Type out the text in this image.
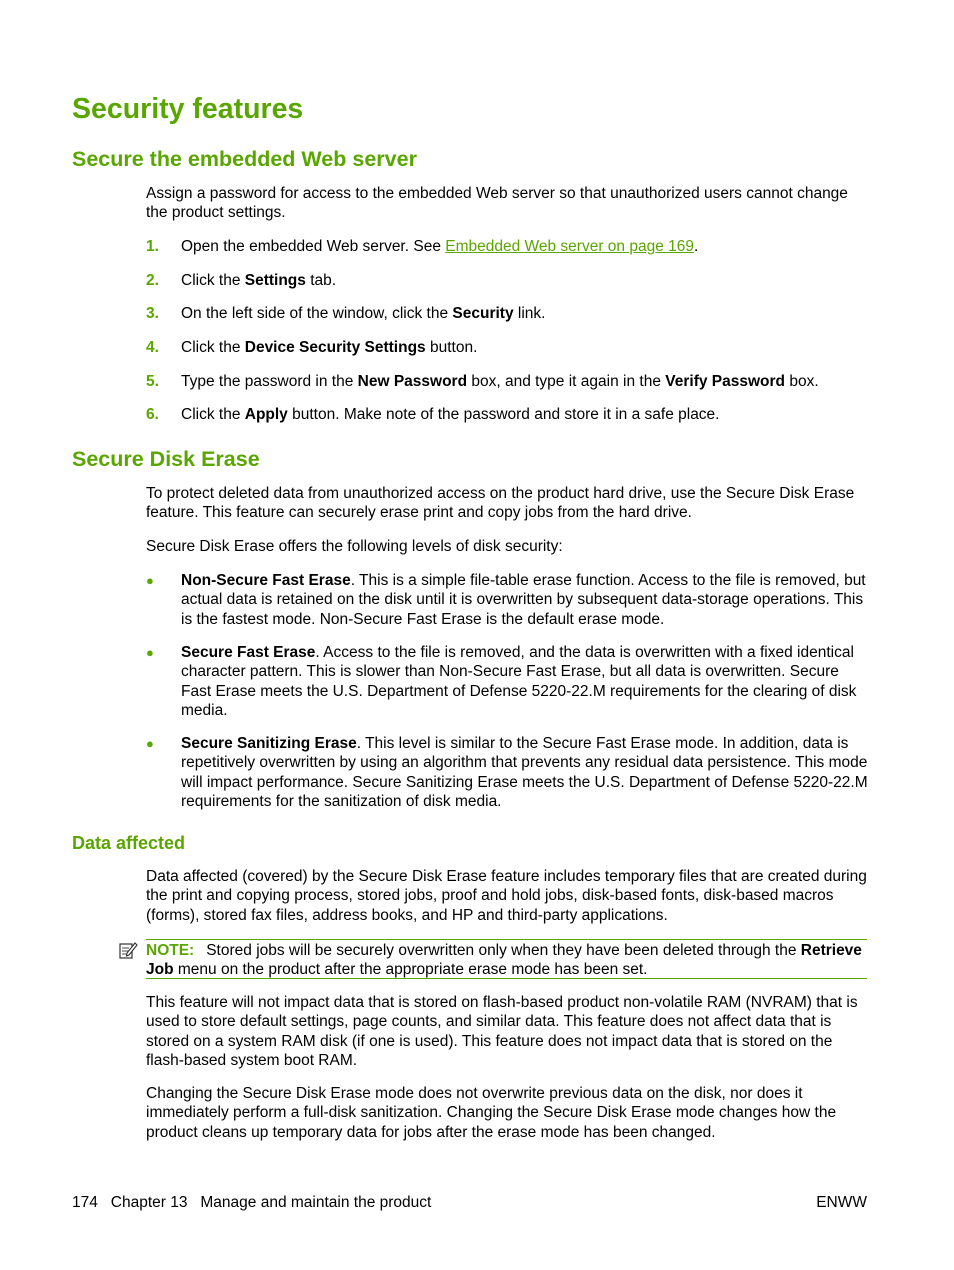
Security features
Secure the embedded Web server

Assign a password for access to the embedded Web server so that unauthorized users cannot change the product settings.

1. Open the embedded Web server. See Embedded Web server on page 169.
2. Click the Settings tab.
3. On the left side of the window, click the Security link.
4. Click the Device Security Settings button.
5. Type the password in the New Password box, and type it again in the Verify Password box.
6. Click the Apply button. Make note of the password and store it in a safe place.
Secure Disk Erase

To protect deleted data from unauthorized access on the product hard drive, use the Secure Disk Erase feature. This feature can securely erase print and copy jobs from the hard drive.

Secure Disk Erase offers the following levels of disk security:

● Non-Secure Fast Erase. This is a simple file-table erase function. Access to the file is removed, but actual data is retained on the disk until it is overwritten by subsequent data-storage operations. This is the fastest mode. Non-Secure Fast Erase is the default erase mode.
● Secure Fast Erase. Access to the file is removed, and the data is overwritten with a fixed identical character pattern. This is slower than Non-Secure Fast Erase, but all data is overwritten. Secure Fast Erase meets the U.S. Department of Defense 5220-22.M requirements for the clearing of disk media.
● Secure Sanitizing Erase. This level is similar to the Secure Fast Erase mode. In addition, data is repetitively overwritten by using an algorithm that prevents any residual data persistence. This mode will impact performance. Secure Sanitizing Erase meets the U.S. Department of Defense 5220-22.M requirements for the sanitization of disk media.
Data affected

Data affected (covered) by the Secure Disk Erase feature includes temporary files that are created during the print and copying process, stored jobs, proof and hold jobs, disk-based fonts, disk-based macros (forms), stored fax files, address books, and HP and third-party applications.

NOTE: Stored jobs will be securely overwritten only when they have been deleted through the Retrieve Job menu on the product after the appropriate erase mode has been set.

This feature will not impact data that is stored on flash-based product non-volatile RAM (NVRAM) that is used to store default settings, page counts, and similar data. This feature does not affect data that is stored on a system RAM disk (if one is used). This feature does not impact data that is stored on the flash-based system boot RAM.

Changing the Secure Disk Erase mode does not overwrite previous data on the disk, nor does it immediately perform a full-disk sanitization. Changing the Secure Disk Erase mode changes how the product cleans up temporary data for jobs after the erase mode has been changed.

174   Chapter 13   Manage and maintain the product	ENWW
